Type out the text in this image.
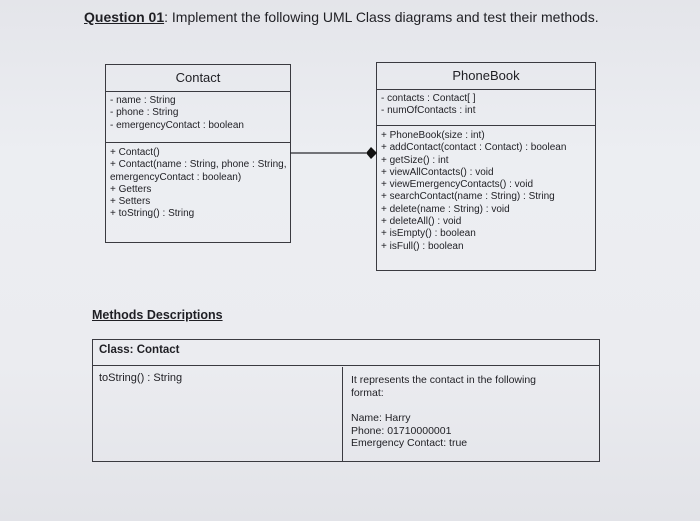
Question 01: Implement the following UML Class diagrams and test their methods.
Contact
- name : String
- phone : String
- emergencyContact : boolean
+ Contact()
+ Contact(name : String, phone : String,
emergencyContact : boolean)
+ Getters
+ Setters
+ toString() : String
PhoneBook
- contacts : Contact[ ]
- numOfContacts : int
+ PhoneBook(size : int)
+ addContact(contact : Contact) : boolean
+ getSize() : int
+ viewAllContacts() : void
+ viewEmergencyContacts() : void
+ searchContact(name : String) : String
+ delete(name : String) : void
+ deleteAll() : void
+ isEmpty() : boolean
+ isFull() : boolean
Methods Descriptions
Class: Contact
toString() : String	It represents the contact in the following format:
Name: Harry
Phone: 01710000001
Emergency Contact: true
